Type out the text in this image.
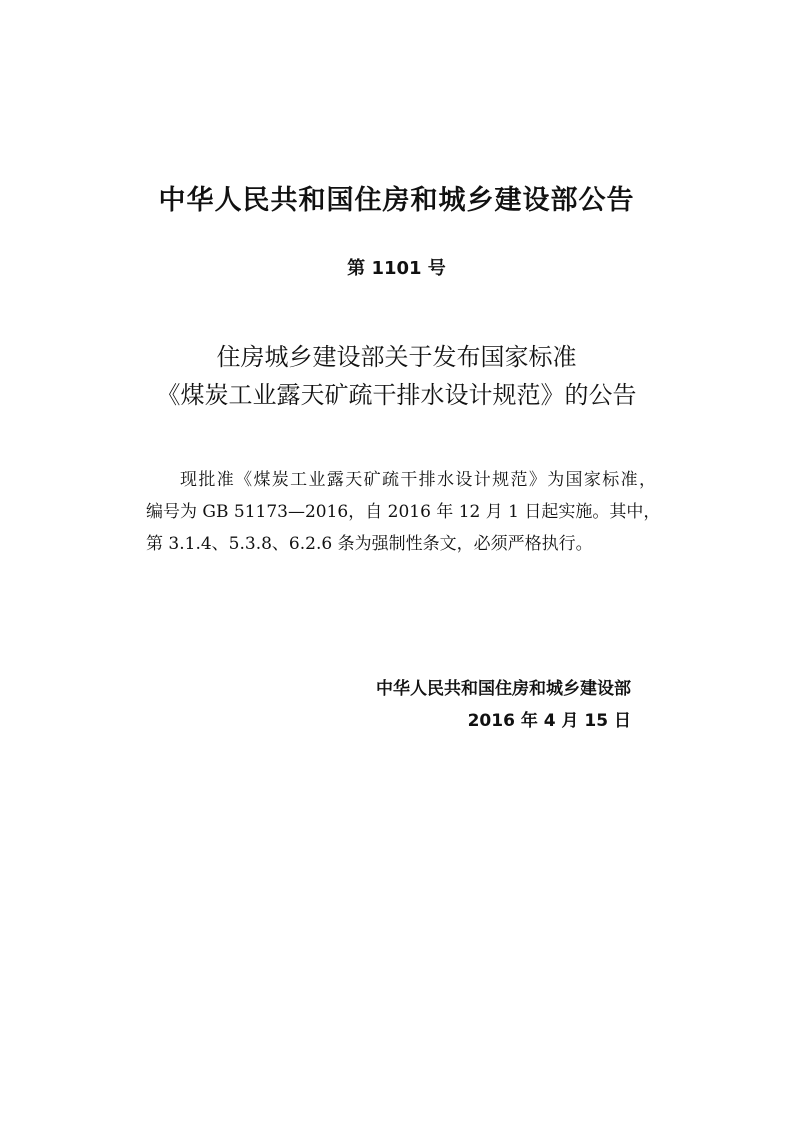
中华人民共和国住房和城乡建设部公告
第 1101 号
住房城乡建设部关于发布国家标准
《煤炭工业露天矿疏干排水设计规范》的公告

现批准《煤炭工业露天矿疏干排水设计规范》为国家标准，

编号为 GB 51173—2016，自 2016 年 12 月 1 日起实施。其中，

第 3.1.4、5.3.8、6.2.6 条为强制性条文，必须严格执行。

中华人民共和国住房和城乡建设部
2016 年 4 月 15 日
